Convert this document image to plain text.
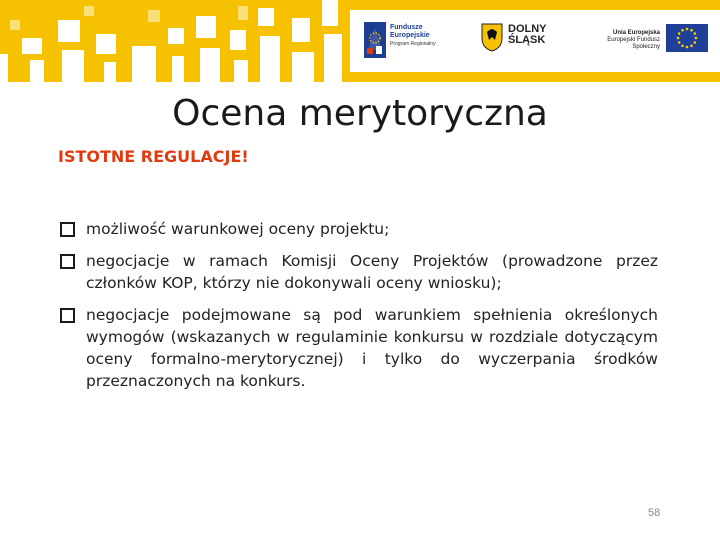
Fundusze
Europejskie
Program Regionalny
DOLNY
ŚLĄSK
Unia Europejska
Europejski Fundusz Społeczny
Ocena merytoryczna
ISTOTNE REGULACJE!
możliwość warunkowej oceny projektu;
negocjacje w ramach Komisji Oceny Projektów (prowadzone przez członków KOP, którzy nie dokonywali oceny wniosku);
negocjacje podejmowane są pod warunkiem spełnienia określonych wymogów (wskazanych w regulaminie konkursu w rozdziale dotyczącym oceny formalno-merytorycznej) i tylko do wyczerpania środków przeznaczonych na konkurs.
58
